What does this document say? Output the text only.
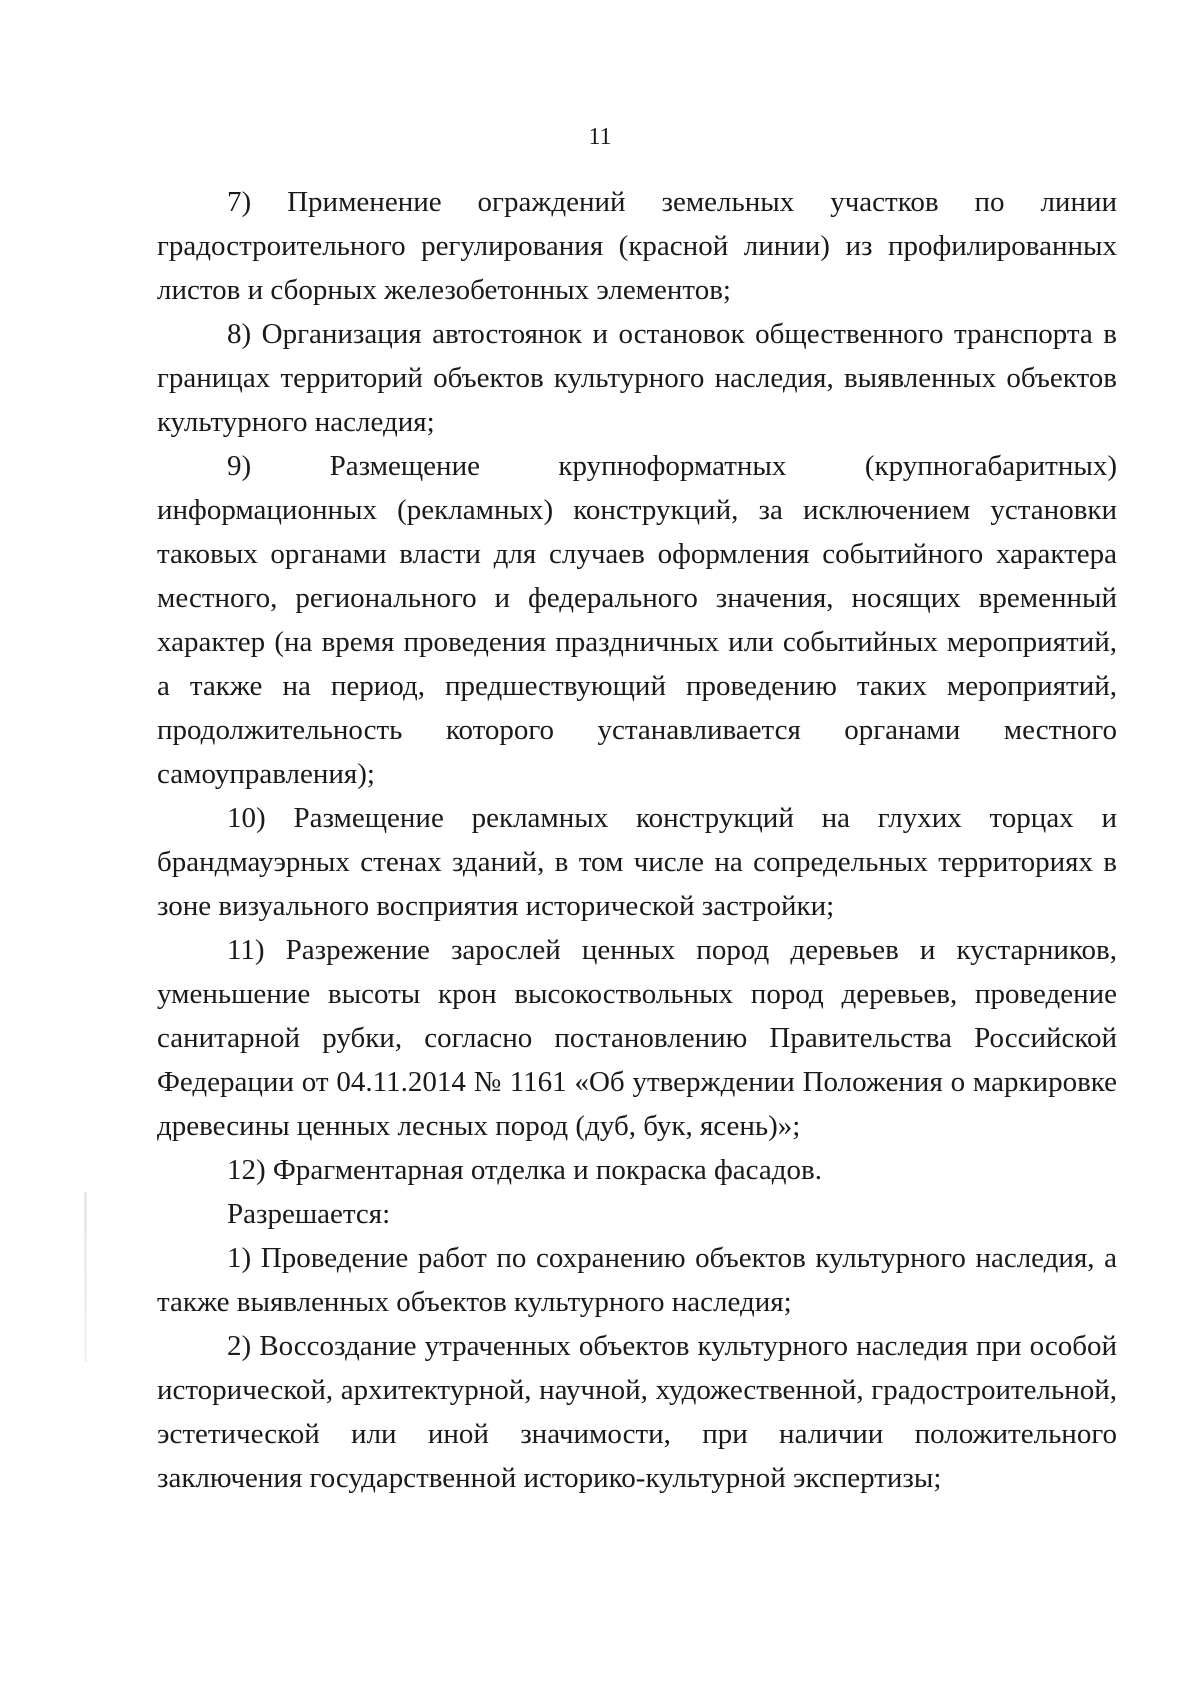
11

7) Применение ограждений земельных участков по линии градостроительного регулирования (красной линии) из профилированных листов и сборных железобетонных элементов;

8) Организация автостоянок и остановок общественного транспорта в границах территорий объектов культурного наследия, выявленных объектов культурного наследия;

9) Размещение крупноформатных (крупногабаритных) информационных (рекламных) конструкций, за исключением установки таковых органами власти для случаев оформления событийного характера местного, регионального и федерального значения, носящих временный характер (на время проведения праздничных или событийных мероприятий, а также на период, предшествующий проведению таких мероприятий, продолжительность которого устанавливается органами местного самоуправления);

10) Размещение рекламных конструкций на глухих торцах и брандмауэрных стенах зданий, в том числе на сопредельных территориях в зоне визуального восприятия исторической застройки;

11) Разрежение зарослей ценных пород деревьев и кустарников, уменьшение высоты крон высокоствольных пород деревьев, проведение санитарной рубки, согласно постановлению Правительства Российской Федерации от 04.11.2014 № 1161 «Об утверждении Положения о маркировке древесины ценных лесных пород (дуб, бук, ясень)»;

12) Фрагментарная отделка и покраска фасадов.

Разрешается:

1) Проведение работ по сохранению объектов культурного наследия, а также выявленных объектов культурного наследия;

2) Воссоздание утраченных объектов культурного наследия при особой исторической, архитектурной, научной, художественной, градостроительной, эстетической или иной значимости, при наличии положительного заключения государственной историко-культурной экспертизы;
